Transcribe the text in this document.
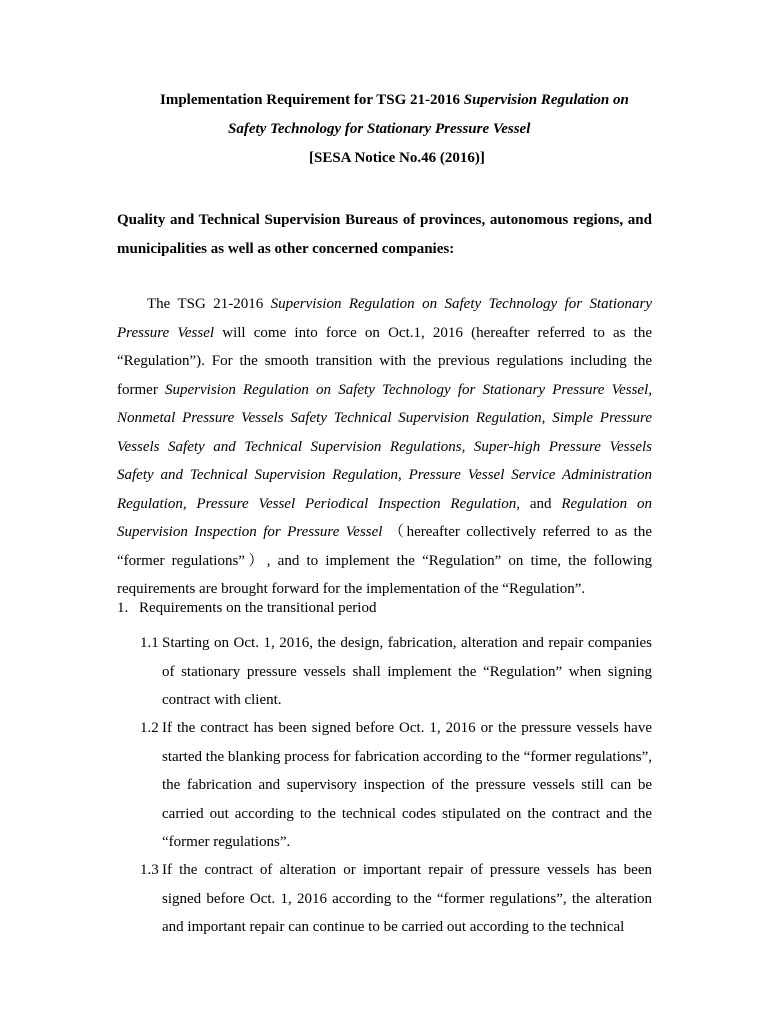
Implementation Requirement for TSG 21-2016 Supervision Regulation on
Safety Technology for Stationary Pressure Vessel
[SESA Notice No.46 (2016)]
Quality and Technical Supervision Bureaus of provinces, autonomous regions, and municipalities as well as other concerned companies:
The TSG 21-2016 Supervision Regulation on Safety Technology for Stationary Pressure Vessel will come into force on Oct.1, 2016 (hereafter referred to as the “Regulation”). For the smooth transition with the previous regulations including the former Supervision Regulation on Safety Technology for Stationary Pressure Vessel, Nonmetal Pressure Vessels Safety Technical Supervision Regulation, Simple Pressure Vessels Safety and Technical Supervision Regulations, Super-high Pressure Vessels Safety and Technical Supervision Regulation, Pressure Vessel Service Administration Regulation, Pressure Vessel Periodical Inspection Regulation, and Regulation on Supervision Inspection for Pressure Vessel （hereafter collectively referred to as the “former regulations”）, and to implement the “Regulation” on time, the following requirements are brought forward for the implementation of the “Regulation”.
1. Requirements on the transitional period
1.1 Starting on Oct. 1, 2016, the design, fabrication, alteration and repair companies of stationary pressure vessels shall implement the “Regulation” when signing contract with client.
1.2 If the contract has been signed before Oct. 1, 2016 or the pressure vessels have started the blanking process for fabrication according to the “former regulations”, the fabrication and supervisory inspection of the pressure vessels still can be carried out according to the technical codes stipulated on the contract and the “former regulations”.
1.3 If the contract of alteration or important repair of pressure vessels has been signed before Oct. 1, 2016 according to the “former regulations”, the alteration and important repair can continue to be carried out according to the technical
